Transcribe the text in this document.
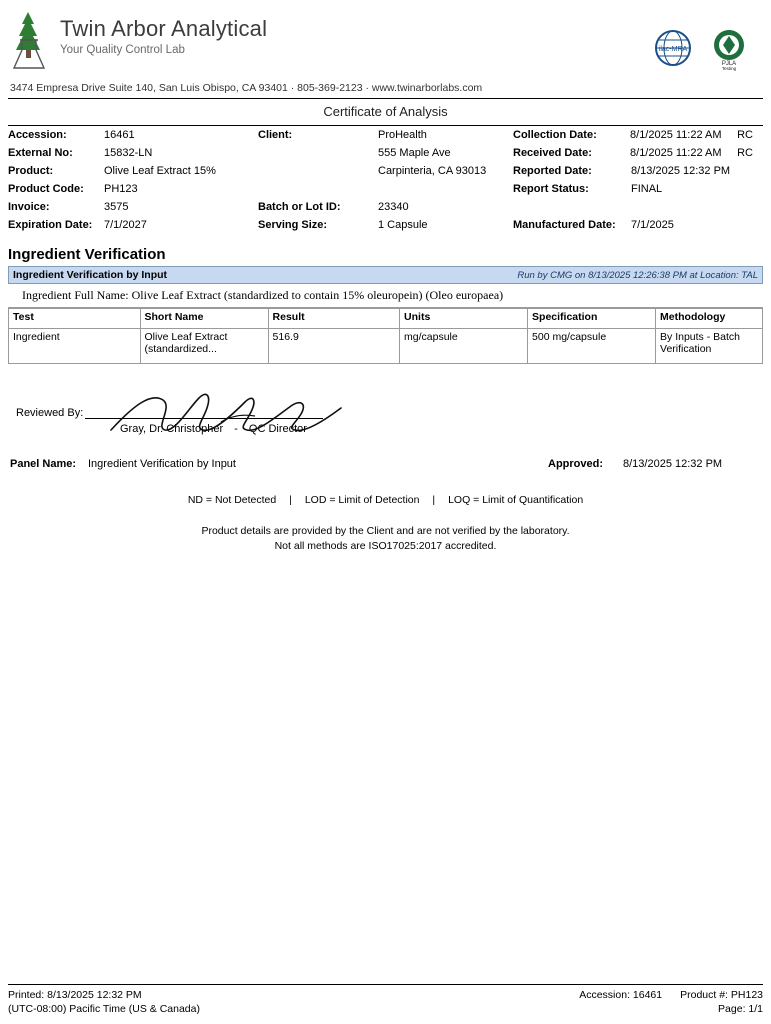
Twin Arbor Analytical
Your Quality Control Lab	ilac-MRA
PJLA
Testing
3474 Empresa Drive Suite 140, San Luis Obispo, CA 93401 · 805-369-2123 · www.twinarborlabs.com
Certificate of Analysis
Accession:	16461
External No:	15832-LN
Product:	Olive Leaf Extract 15%
Product Code:	PH123
Invoice:	3575
Expiration Date:	7/1/2027
Client:	ProHealth
555 Maple Ave
Carpinteria, CA 93013
Batch or Lot ID:	23340
Serving Size:	1 Capsule
Collection Date:	8/1/2025 11:22 AM	RC
Received Date:	8/1/2025 11:22 AM	RC
Reported Date:	8/13/2025 12:32 PM
Report Status:	FINAL
Manufactured Date:	7/1/2025
Ingredient Verification
Ingredient Verification by Input	Run by CMG on 8/13/2025 12:26:38 PM at Location: TAL
Ingredient Full Name: Olive Leaf Extract (standardized to contain 15% oleuropein) (Oleo europaea)
Test	Short Name	Result	Units	Specification	Methodology
Ingredient	Olive Leaf Extract (standardized...	516.9	mg/capsule	500 mg/capsule	By Inputs - Batch Verification
Reviewed By:
Gray, Dr. Christopher - QC Director
Panel Name:	Ingredient Verification by Input	Approved:	8/13/2025 12:32 PM
ND = Not Detected | LOD = Limit of Detection | LOQ = Limit of Quantification
Product details are provided by the Client and are not verified by the laboratory.
Not all methods are ISO17025:2017 accredited.
Printed: 8/13/2025 12:32 PM
(UTC-08:00) Pacific Time (US & Canada)
Accession: 16461 Product #: PH123
Page: 1/1
